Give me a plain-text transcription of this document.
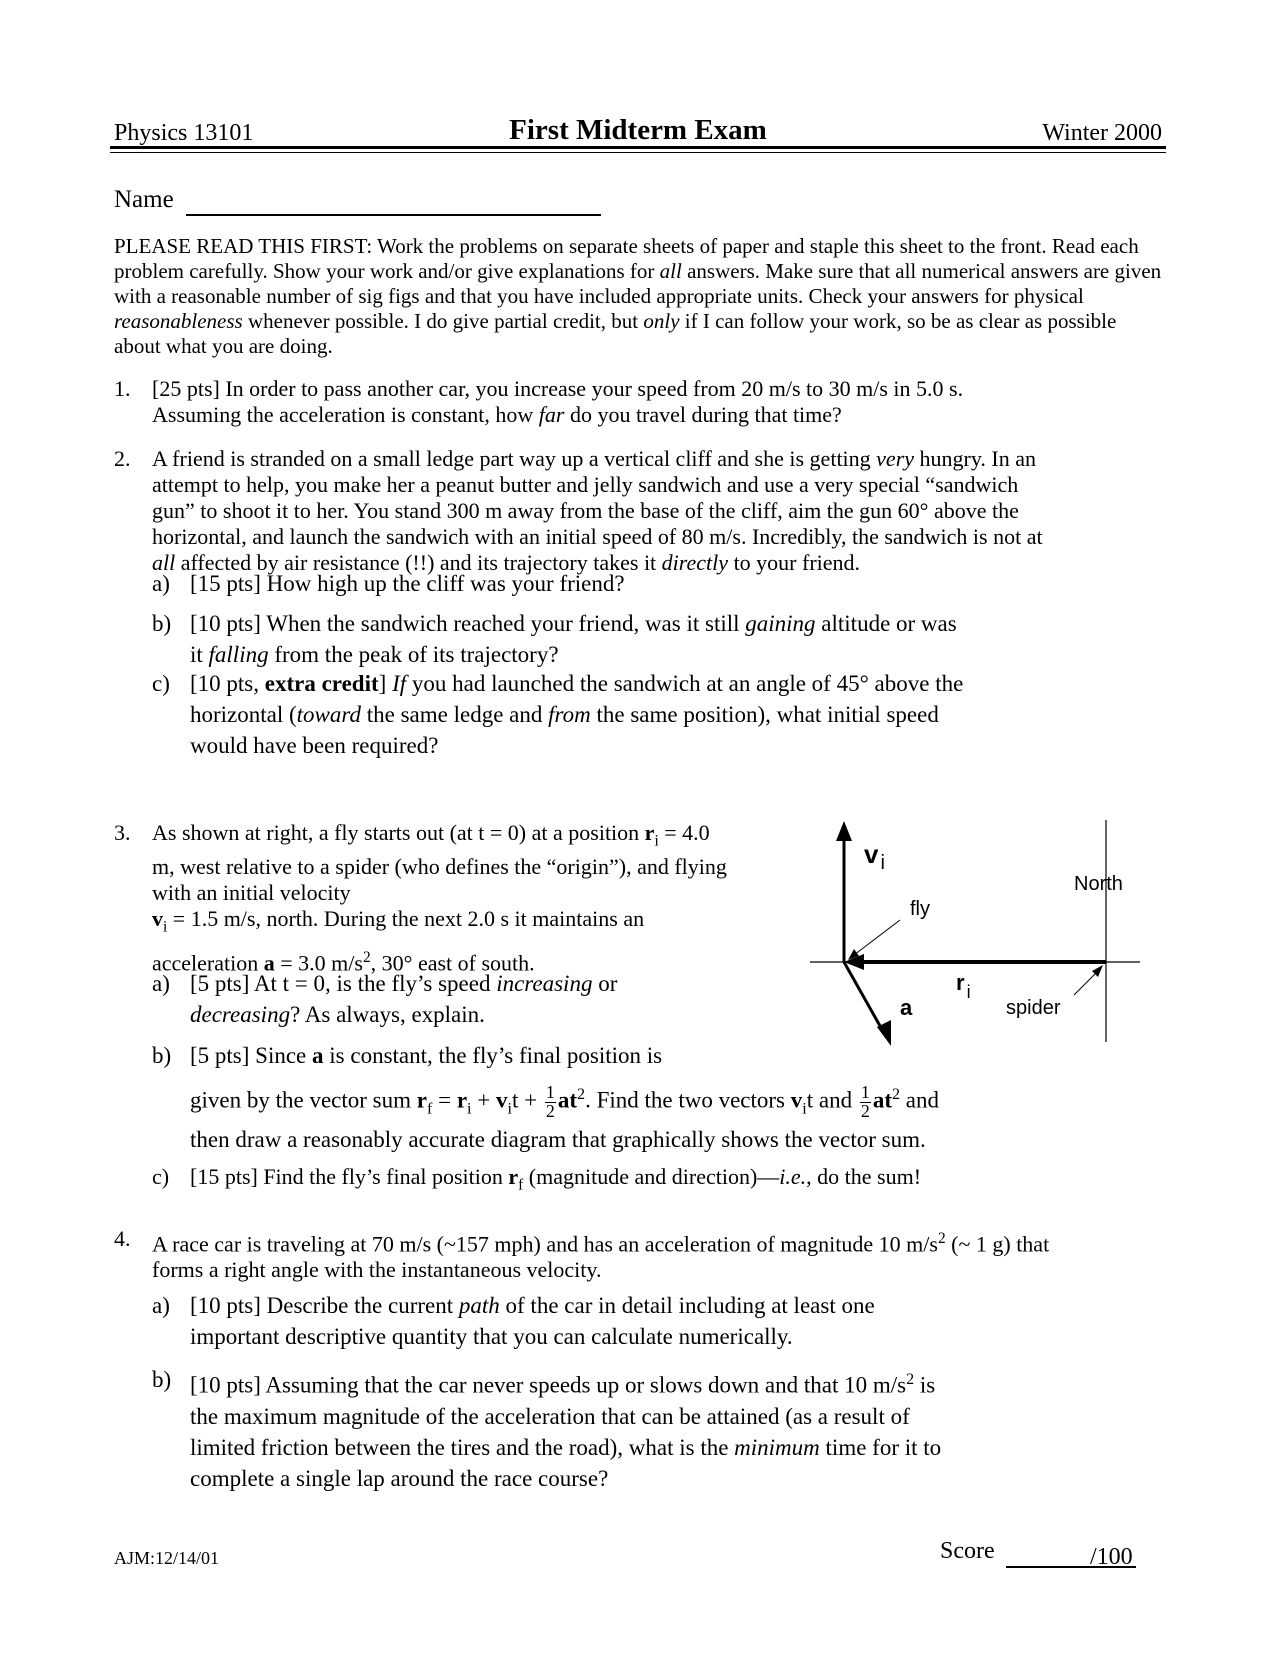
Physics 13101	First Midterm Exam	Winter 2000
Name
PLEASE READ THIS FIRST: Work the problems on separate sheets of paper and staple this sheet to the front. Read each problem carefully. Show your work and/or give explanations for all answers. Make sure that all numerical answers are given with a reasonable number of sig figs and that you have included appropriate units. Check your answers for physical reasonableness whenever possible. I do give partial credit, but only if I can follow your work, so be as clear as possible about what you are doing.
1. [25 pts] In order to pass another car, you increase your speed from 20 m/s to 30 m/s in 5.0 s.
Assuming the acceleration is constant, how far do you travel during that time?
2. A friend is stranded on a small ledge part way up a vertical cliff and she is getting very hungry. In an
attempt to help, you make her a peanut butter and jelly sandwich and use a very special “sandwich
gun” to shoot it to her. You stand 300 m away from the base of the cliff, aim the gun 60° above the
horizontal, and launch the sandwich with an initial speed of 80 m/s. Incredibly, the sandwich is not at
all affected by air resistance (!!) and its trajectory takes it directly to your friend.
a) [15 pts] How high up the cliff was your friend?
b) [10 pts] When the sandwich reached your friend, was it still gaining altitude or was
it falling from the peak of its trajectory?
c) [10 pts, extra credit] If you had launched the sandwich at an angle of 45° above the
horizontal (toward the same ledge and from the same position), what initial speed
would have been required?
3. As shown at right, a fly starts out (at t = 0) at a position $r_i = 4.0$
m, west relative to a spider (who defines the “origin”), and flying
with an initial velocity
$v_i = 1.5$ m/s, north. During the next 2.0 s it maintains an
acceleration a = 3.0 $m/s^2$, 30° east of south.
a) [5 pts] At t = 0, is the fly’s speed increasing or
decreasing? As always, explain.
b) [5 pts] Since a is constant, the fly’s final position is
given by the vector sum $r_f = r_i + v_it + \frac{1}{2} at^2$. Find the two vectors $v_it$ and $\frac{1}{2} at^2$ and
then draw a reasonably accurate diagram that graphically shows the vector sum.
c) [15 pts] Find the fly’s final position $r_f$ (magnitude and direction)—i.e., do the sum!
v $_i$
North
fly
r $_i$
a	spider
4. A race car is traveling at 70 m/s (~157 mph) and has an acceleration of magnitude 10 $m/s^2$ (~ 1 g) that
forms a right angle with the instantaneous velocity.
a) [10 pts] Describe the current path of the car in detail including at least one
important descriptive quantity that you can calculate numerically.
b) [10 pts] Assuming that the car never speeds up or slows down and that 10 $m/s^2$ is
the maximum magnitude of the acceleration that can be attained (as a result of
limited friction between the tires and the road), what is the minimum time for it to
complete a single lap around the race course?
AJM:12/14/01	Score	/100
